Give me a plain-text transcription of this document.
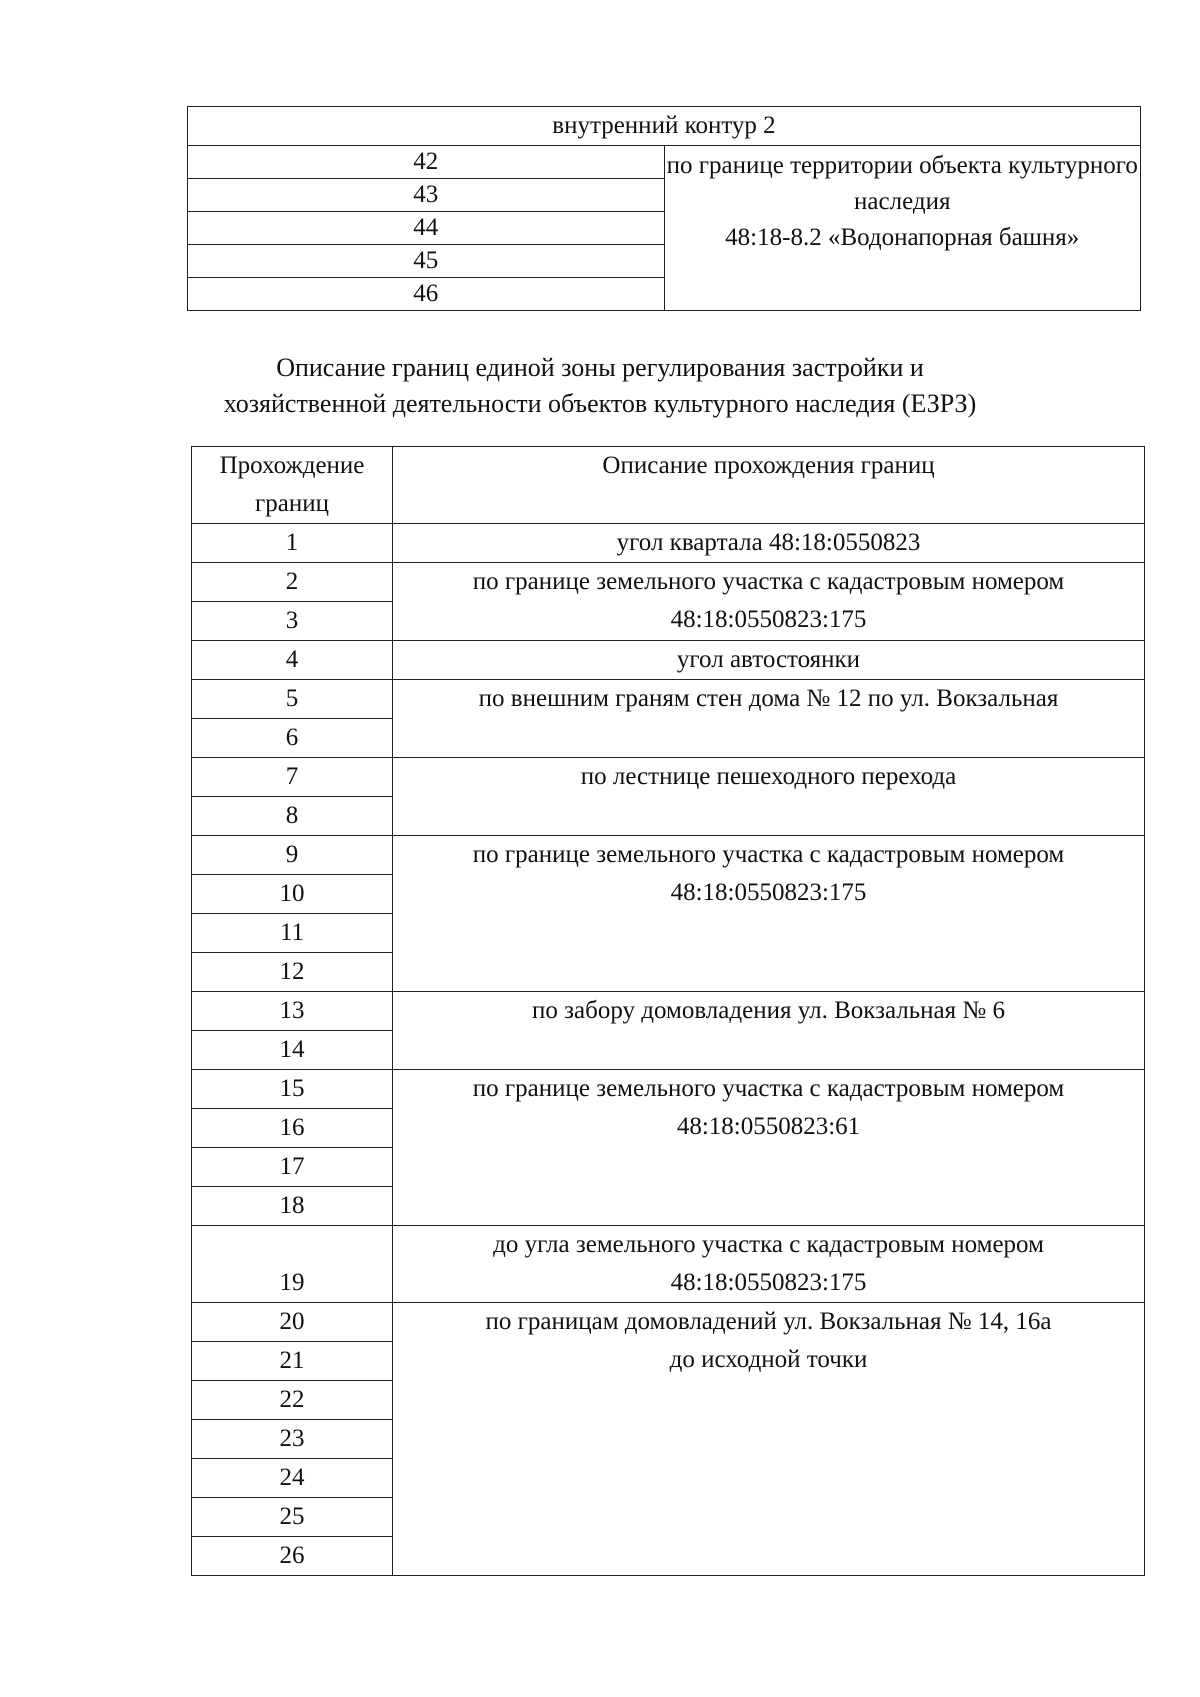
внутренний контур 2
42	по границе территории объекта культурного наследия
48:18-8.2 «Водонапорная башня»

43
44
45
46
Описание границ единой зоны регулирования застройки и
хозяйственной деятельности объектов культурного наследия (ЕЗРЗ)
Прохождение
границ	Описание прохождения границ
1	угол квартала 48:18:0550823
2	по границе земельного участка с кадастровым номером
48:18:0550823:175

3	
4	угол автостоянки
5	по внешним граням стен дома № 12 по ул. Вокзальная
6	
7	по лестнице пешеходного перехода
8	
9	по границе земельного участка с кадастровым номером
48:18:0550823:175

10	
11	
12	
13	по забору домовладения ул. Вокзальная № 6
14	
15	по границе земельного участка с кадастровым номером
48:18:0550823:61

16	
17	
18	
19	до угла земельного участка с кадастровым номером
48:18:0550823:175

20	по границам домовладений ул. Вокзальная № 14, 16а
до исходной точки

21	
22	
23	
24	
25	
26	
